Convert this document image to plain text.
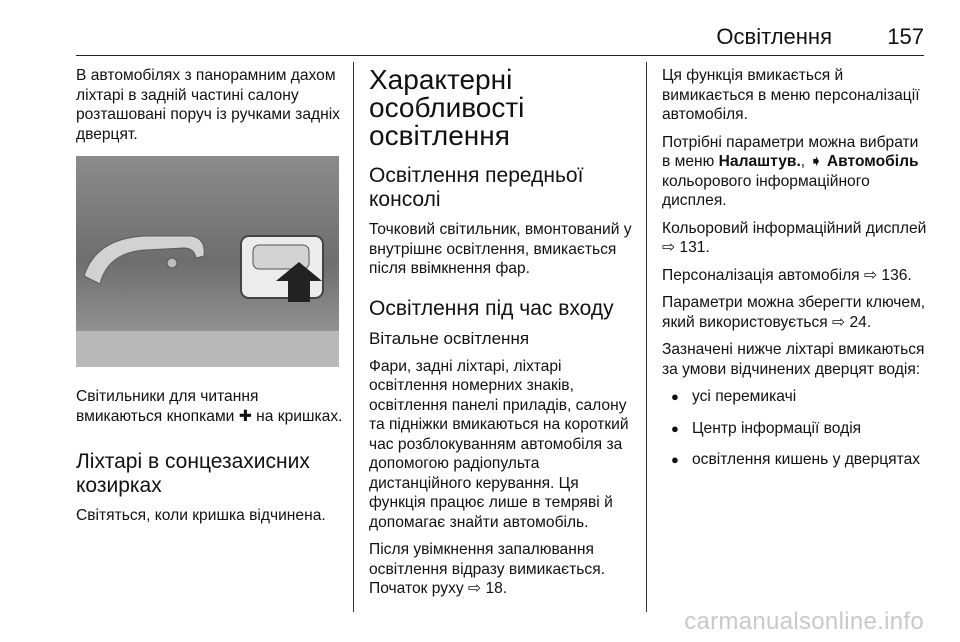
Освітлення	157

В автомобілях з панорамним дахом ліхтарі в задній частині салону розташовані поруч із ручками задніх дверцят.

Світильники для читання вмикаються кнопками ✚ на кришках.

Ліхтарі в сонцезахисних козирках

Світяться, коли кришка відчинена.

Характерні особливості освітлення
Освітлення передньої консолі

Точковий світильник, вмонтований у внутрішнє освітлення, вмикається після ввімкнення фар.

Освітлення під час входу
Вітальне освітлення

Фари, задні ліхтарі, ліхтарі освітлення номерних знаків, освітлення панелі приладів, салону та підніжки вмикаються на короткий час розблокуванням автомобіля за допомогою радіопульта дистанційного керування. Ця функція працює лише в темряві й допомагає знайти автомобіль.

Після увімкнення запалювання освітлення відразу вимикається. Початок руху ⇨ 18.

Ця функція вмикається й вимикається в меню персоналізації автомобіля.

Потрібні параметри можна вибрати в меню Налаштув., ➧ Автомобіль кольорового інформаційного дисплея.

Кольоровий інформаційний дисплей ⇨ 131.

Персоналізація автомобіля ⇨ 136.

Параметри можна зберегти ключем, який використовується ⇨ 24.

Зазначені нижче ліхтарі вмикаються за умови відчинених дверцят водія:

● усі перемикачі
● Центр інформації водія
● освітлення кишень у дверцятах
carmanualsonline.info
